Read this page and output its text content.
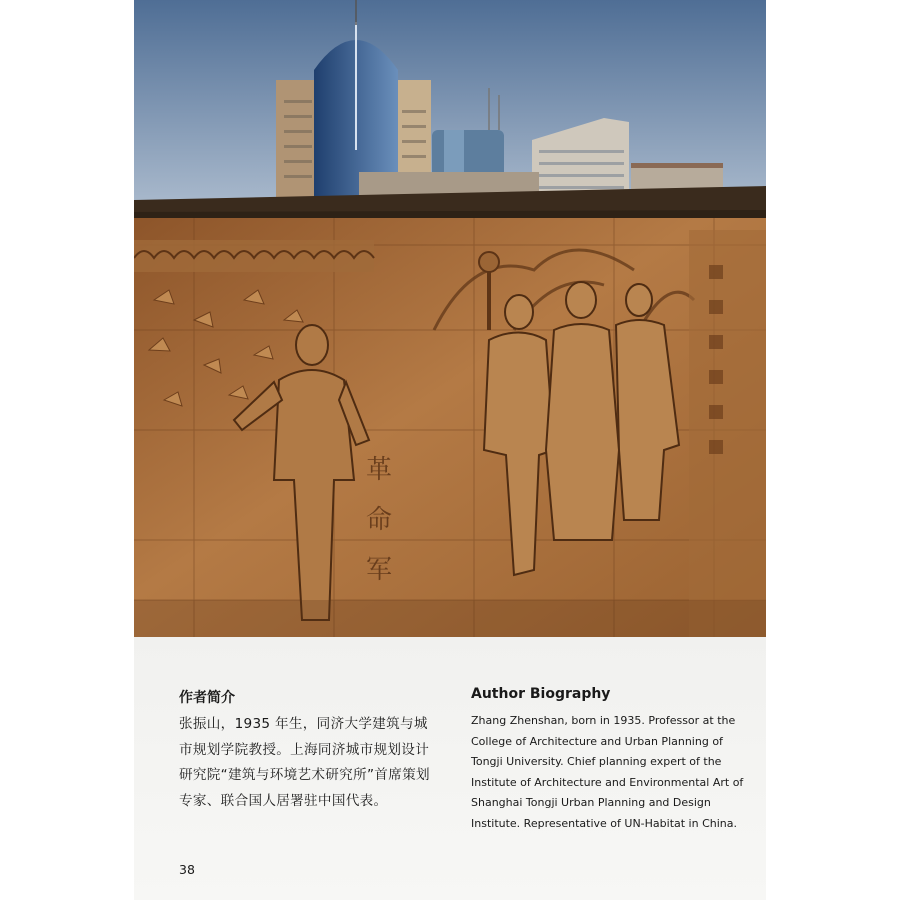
革
命
军
作者简介
张振山，1935 年生，同济大学建筑与城市规划学院教授。上海同济城市规划设计研究院“建筑与环境艺术研究所”首席策划专家、联合国人居署驻中国代表。
Author Biography
Zhang Zhenshan, born in 1935. Professor at the College of Architecture and Urban Planning of Tongji University. Chief planning expert of the Institute of Architecture and Environmental Art of Shanghai Tongji Urban Planning and Design Institute. Representative of UN-Habitat in China.
38
